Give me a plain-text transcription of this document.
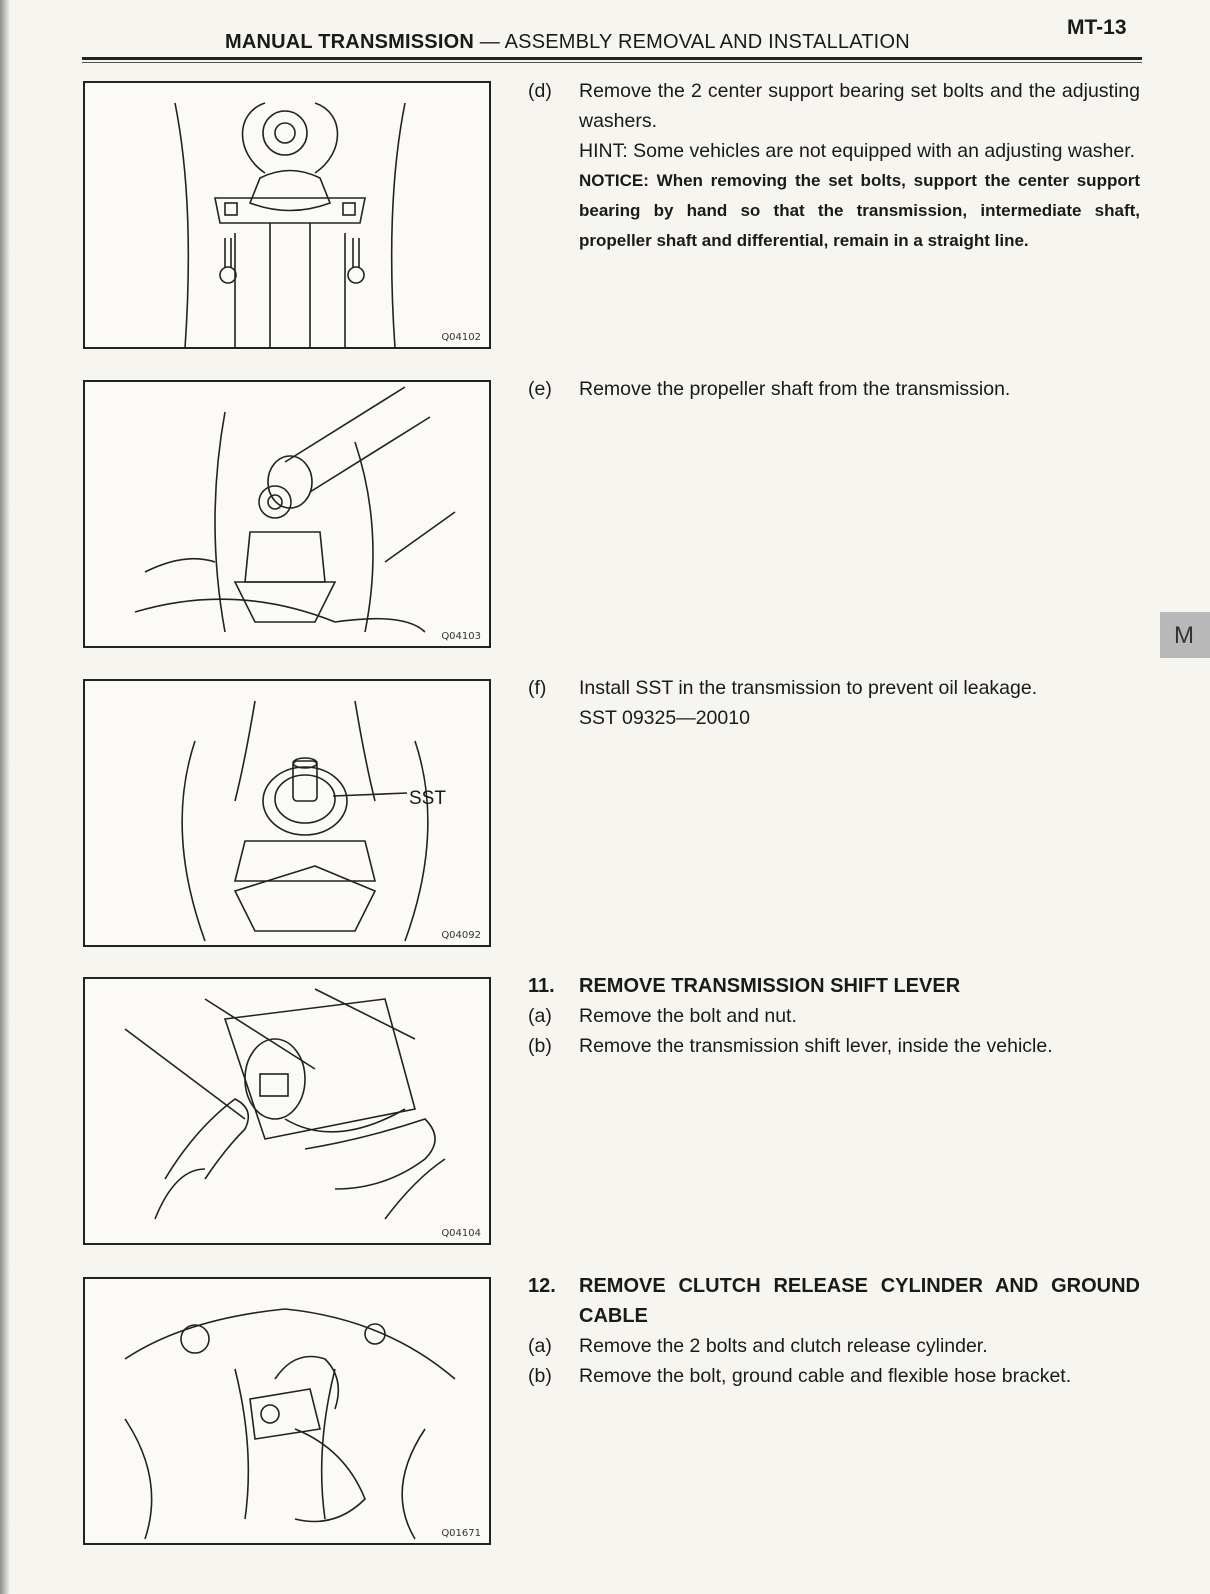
MANUAL TRANSMISSION — ASSEMBLY REMOVAL AND INSTALLATION
MT-13
Q04102
Q04103
SST
Q04092
Q04104
Q01671
(d)	Remove the 2 center support bearing set bolts and the adjusting washers.
HINT: Some vehicles are not equipped with an adjusting washer.
NOTICE: When removing the set bolts, support the center support bearing by hand so that the transmission, intermediate shaft, propeller shaft and differential, remain in a straight line.
(e)	Remove the propeller shaft from the transmission.
(f)	Install SST in the transmission to prevent oil leakage.
SST 09325—20010
11.	REMOVE TRANSMISSION SHIFT LEVER
(a)	Remove the bolt and nut.
(b)	Remove the transmission shift lever, inside the vehicle.
12.	REMOVE CLUTCH RELEASE CYLINDER AND GROUND CABLE
(a)	Remove the 2 bolts and clutch release cylinder.
(b)	Remove the bolt, ground cable and flexible hose bracket.
M
